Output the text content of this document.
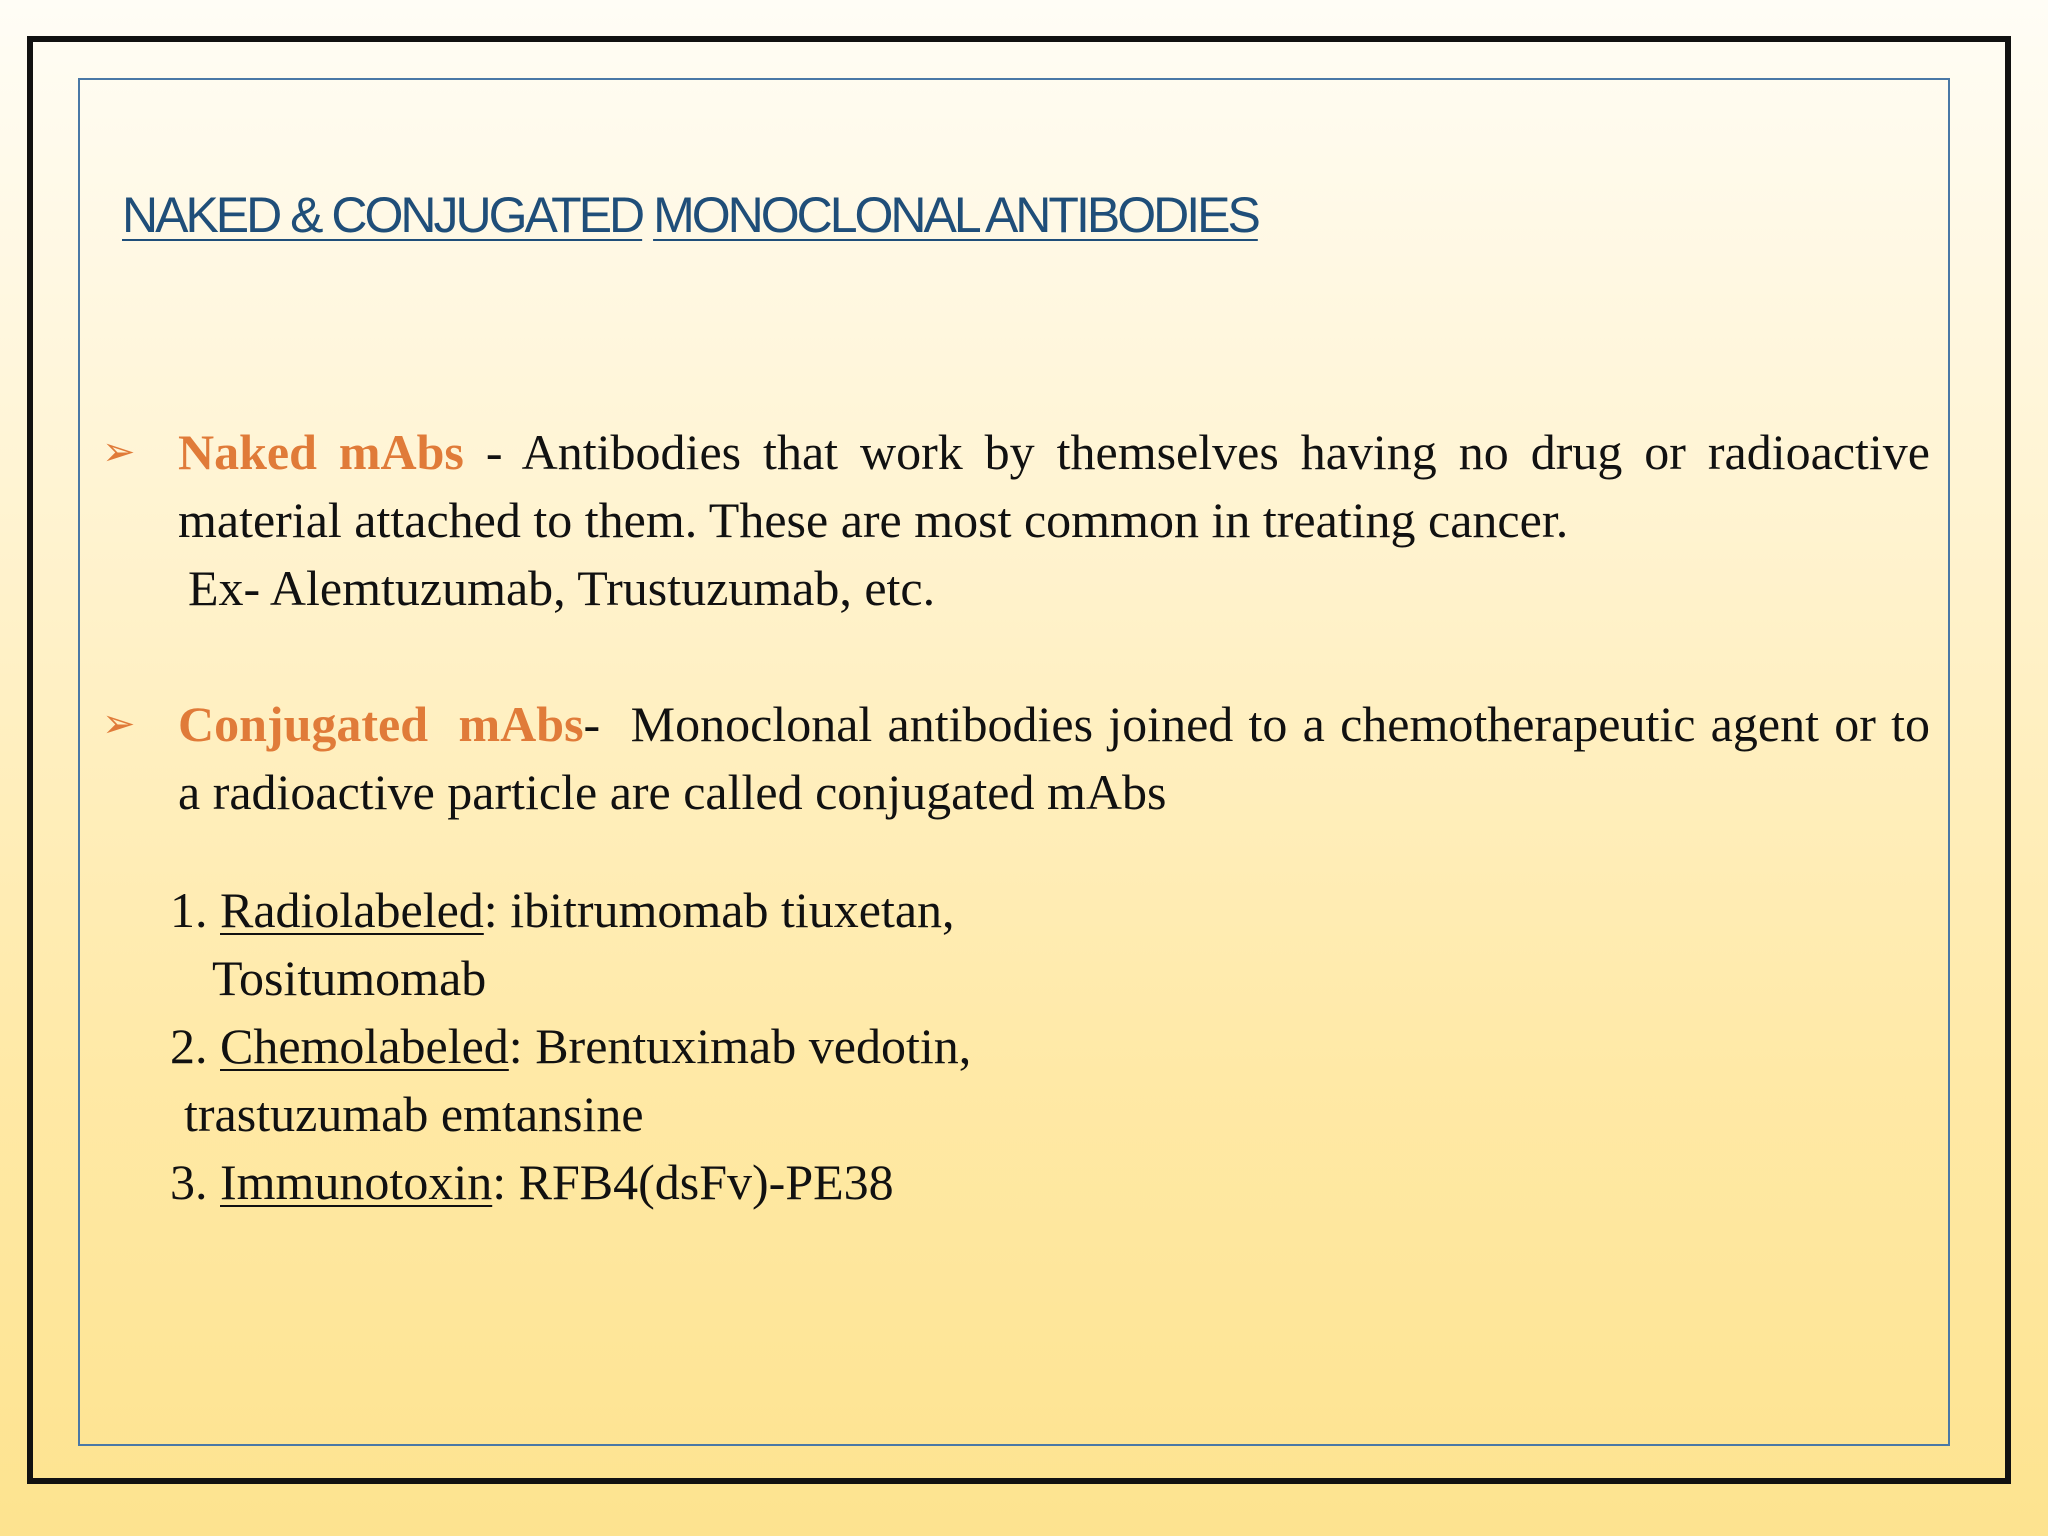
NAKED & CONJUGATED MONOCLONAL ANTIBODIES
➢ Naked mAbs - Antibodies that work by themselves having no drug or radioactive material attached to them. These are most common in treating cancer.

Ex- Alemtuzumab, Trustuzumab, etc.

➢ Conjugated  mAbs-  Monoclonal antibodies joined to a chemotherapeutic agent or to a radioactive particle are called conjugated mAbs

1. Radiolabeled: ibitrumomab tiuxetan,

Tositumomab

2. Chemolabeled: Brentuximab vedotin,

trastuzumab emtansine

3. Immunotoxin: RFB4(dsFv)-PE38
